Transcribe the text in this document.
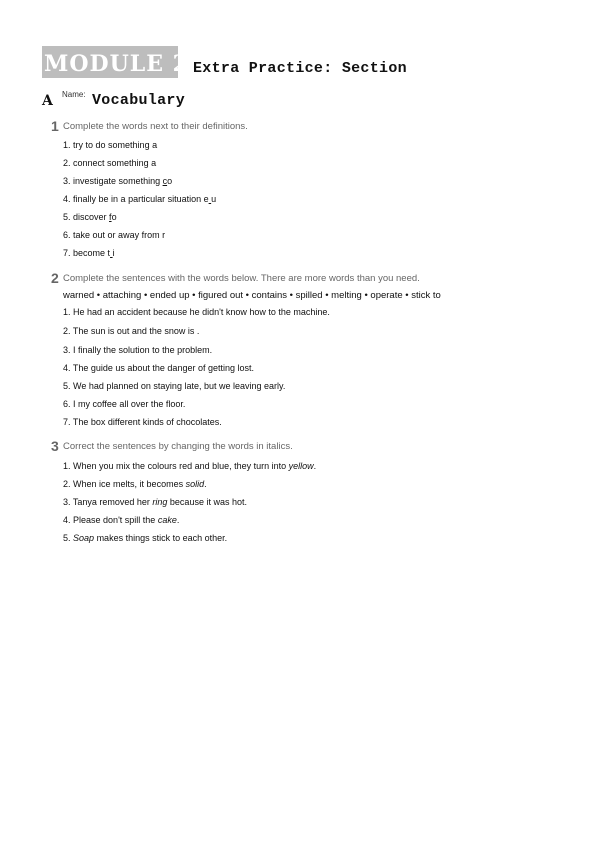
MODULE 2 Extra Practice: Section
A Name: Vocabulary
1 Complete the words next to their definitions.
1. try to do something a
2. connect something a
3. investigate something co
4. finally be in a particular situation e u
5. discover fo
6. take out or away from r
7. become t i
2 Complete the sentences with the words below. There are more words than you need.
warned • attaching • ended up • figured out • contains • spilled • melting • operate • stick to
1. He had an accident because he didn't know how to the machine.
2. The sun is out and the snow is .
3. I finally the solution to the problem.
4. The guide us about the danger of getting lost.
5. We had planned on staying late, but we leaving early.
6. I my coffee all over the floor.
7. The box different kinds of chocolates.
3 Correct the sentences by changing the words in italics.
1. When you mix the colours red and blue, they turn into yellow.
2. When ice melts, it becomes solid.
3. Tanya removed her ring because it was hot.
4. Please don't spill the cake.
5. Soap makes things stick to each other.
